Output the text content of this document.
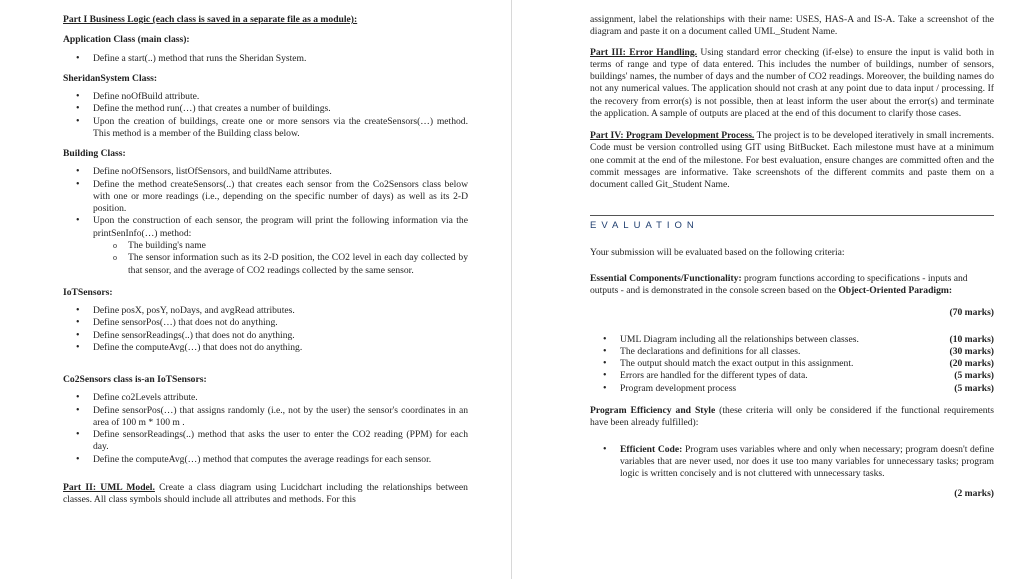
Part I Business Logic (each class is saved in a separate file as a module):

Application Class (main class):

• Define a start(..) method that runs the Sheridan System.

SheridanSystem Class:

• Define noOfBuild attribute.
• Define the method run(…) that creates a number of buildings.
• Upon the creation of buildings, create one or more sensors via the createSensors(…) method. This method is a member of the Building class below.

Building Class:

• Define noOfSensors, listOfSensors, and buildName attributes.
• Define the method createSensors(..) that creates each sensor from the Co2Sensors class below with one or more readings (i.e., depending on the specific number of days) as well as its 2-D position.
• Upon the construction of each sensor, the program will print the following information via the printSenInfo(…) method:
o The building's name
o The sensor information such as its 2-D position, the CO2 level in each day collected by that sensor, and the average of CO2 readings collected by the same sensor.

IoTSensors:

• Define posX, posY, noDays, and avgRead attributes.
• Define sensorPos(…) that does not do anything.
• Define sensorReadings(..) that does not do anything.
• Define the computeAvg(…) that does not do anything.

Co2Sensors class is-an IoTSensors:

• Define co2Levels attribute.
• Define sensorPos(…) that assigns randomly (i.e., not by the user) the sensor's coordinates in an area of 100 m * 100 m .
• Define sensorReadings(..) method that asks the user to enter the CO2 reading (PPM) for each day.
• Define the computeAvg(…) method that computes the average readings for each sensor.

Part II: UML Model. Create a class diagram using Lucidchart including the relationships between classes. All class symbols should include all attributes and methods. For this

assignment, label the relationships with their name: USES, HAS-A and IS-A. Take a screenshot of the diagram and paste it on a document called UML_Student Name.

Part III: Error Handling. Using standard error checking (if-else) to ensure the input is valid both in terms of range and type of data entered. This includes the number of buildings, number of sensors, buildings' names, the number of days and the number of CO2 readings. Moreover, the building names do not any numerical values. The application should not crash at any point due to data input / processing. If the recovery from error(s) is not possible, then at least inform the user about the error(s) and terminate the application. A sample of outputs are placed at the end of this document to clarify those cases.

Part IV: Program Development Process. The project is to be developed iteratively in small increments. Code must be version controlled using GIT using BitBucket. Each milestone must have at a minimum one commit at the end of the milestone. For best evaluation, ensure changes are committed often and the commit messages are informative. Take screenshots of the different commits and paste them on a document called Git_Student Name.

EVALUATION

Your submission will be evaluated based on the following criteria:

Essential Components/Functionality: program functions according to specifications - inputs and outputs - and is demonstrated in the console screen based on the Object-Oriented Paradigm:

(70 marks)
• UML Diagram including all the relationships between classes.	(10 marks)
• The declarations and definitions for all classes.	(30 marks)
• The output should match the exact output in this assignment.	(20 marks)
• Errors are handled for the different types of data.	(5 marks)
• Program development process	(5 marks)

Program Efficiency and Style (these criteria will only be considered if the functional requirements have been already fulfilled):

• Efficient Code: Program uses variables where and only when necessary; program doesn't define variables that are never used, nor does it use too many variables for unnecessary tasks; program logic is written concisely and is not cluttered with unnecessary tasks.
(2 marks)
